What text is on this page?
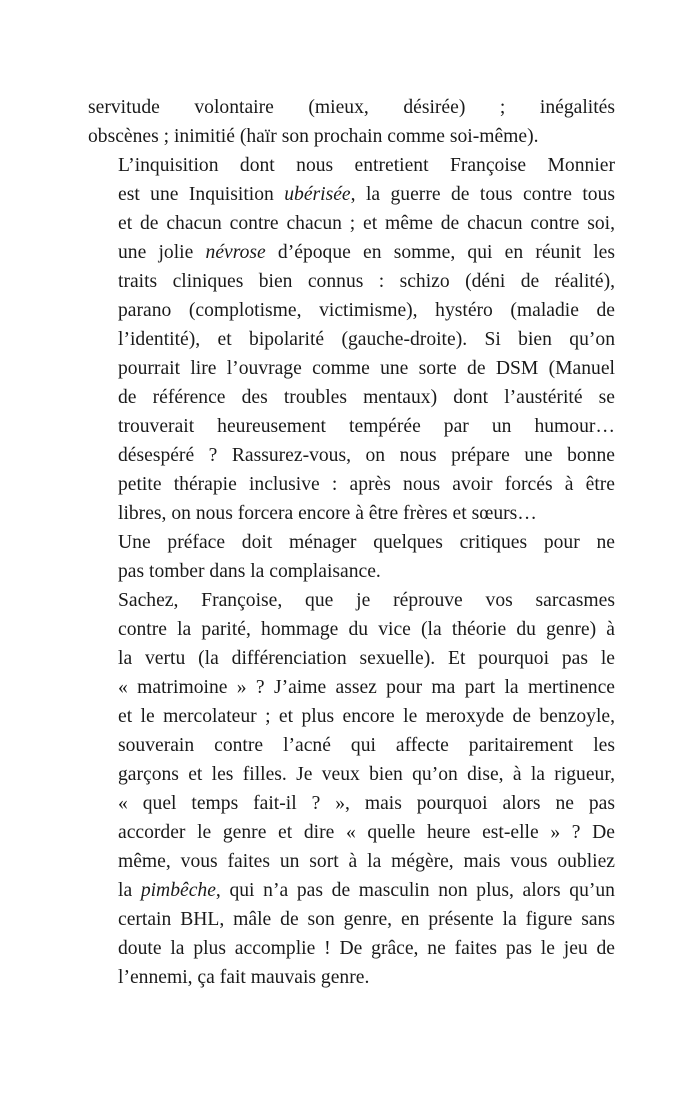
servitude volontaire (mieux, désirée) ; inégalités
obscènes ; inimitié (haïr son prochain comme soi-même).

L’inquisition dont nous entretient Françoise Monnier
est une Inquisition ubérisée, la guerre de tous contre tous
et de chacun contre chacun ; et même de chacun contre soi,
une jolie névrose d’époque en somme, qui en réunit les
traits cliniques bien connus : schizo (déni de réalité),
parano (complotisme, victimisme), hystéro (maladie de
l’identité), et bipolarité (gauche-droite). Si bien qu’on
pourrait lire l’ouvrage comme une sorte de DSM (Manuel
de référence des troubles mentaux) dont l’austérité se
trouverait heureusement tempérée par un humour…
désespéré ? Rassurez-vous, on nous prépare une bonne
petite thérapie inclusive : après nous avoir forcés à être
libres, on nous forcera encore à être frères et sœurs…

Une préface doit ménager quelques critiques pour ne
pas tomber dans la complaisance.

Sachez, Françoise, que je réprouve vos sarcasmes
contre la parité, hommage du vice (la théorie du genre) à
la vertu (la différenciation sexuelle). Et pourquoi pas le
« matrimoine » ? J’aime assez pour ma part la mertinence
et le mercolateur ; et plus encore le meroxyde de benzoyle,
souverain contre l’acné qui affecte paritairement les
garçons et les filles. Je veux bien qu’on dise, à la rigueur,
« quel temps fait-il ? », mais pourquoi alors ne pas
accorder le genre et dire « quelle heure est-elle » ? De
même, vous faites un sort à la mégère, mais vous oubliez
la pimbêche, qui n’a pas de masculin non plus, alors qu’un
certain BHL, mâle de son genre, en présente la figure sans
doute la plus accomplie ! De grâce, ne faites pas le jeu de
l’ennemi, ça fait mauvais genre.
